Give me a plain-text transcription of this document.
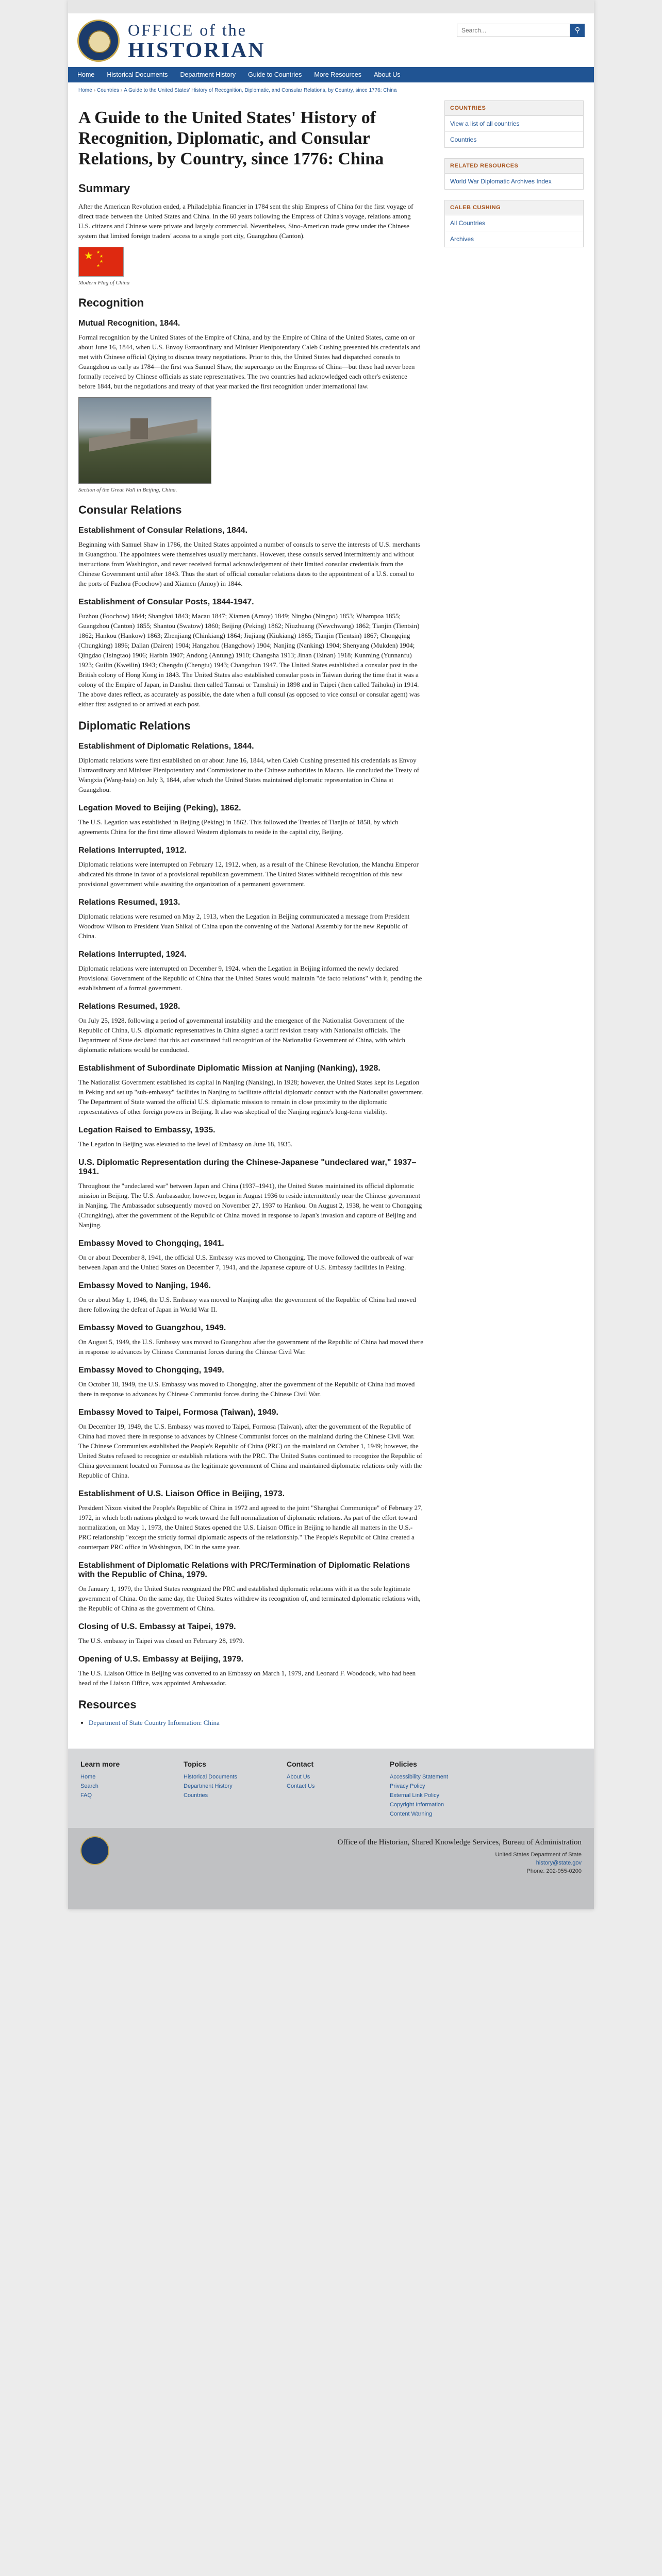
OFFICE of the
HISTORIAN
Search...
⚲
Home	Historical Documents	Department History	Guide to Countries	More Resources	About Us
Home › Countries › A Guide to the United States' History of Recognition, Diplomatic, and Consular Relations, by Country, since 1776: China
A Guide to the United States' History of Recognition, Diplomatic, and Consular Relations, by Country, since 1776: China
Summary

After the American Revolution ended, a Philadelphia financier in 1784 sent the ship Empress of China for the first voyage of direct trade between the United States and China. In the 60 years following the Empress of China's voyage, relations among U.S. citizens and Chinese were private and largely commercial. Nevertheless, Sino-American trade grew under the Chinese system that limited foreign traders' access to a single port city, Guangzhou (Canton).

★ ★
★
★
★
Modern Flag of China
Recognition
Mutual Recognition, 1844.

Formal recognition by the United States of the Empire of China, and by the Empire of China of the United States, came on or about June 16, 1844, when U.S. Envoy Extraordinary and Minister Plenipotentiary Caleb Cushing presented his credentials and met with Chinese official Qiying to discuss treaty negotiations. Prior to this, the United States had dispatched consuls to Guangzhou as early as 1784—the first was Samuel Shaw, the supercargo on the Empress of China—but these had never been formally received by Chinese officials as state representatives. The two countries had acknowledged each other's existence before 1844, but the negotiations and treaty of that year marked the first recognition under international law.

Section of the Great Wall in Beijing, China.
Consular Relations
Establishment of Consular Relations, 1844.

Beginning with Samuel Shaw in 1786, the United States appointed a number of consuls to serve the interests of U.S. merchants in Guangzhou. The appointees were themselves usually merchants. However, these consuls served intermittently and without instructions from Washington, and never received formal acknowledgement of their limited consular credentials from the Chinese Government until after 1843. Thus the start of official consular relations dates to the appointment of a U.S. consul to the ports of Fuzhou (Foochow) and Xiamen (Amoy) in 1844.

Establishment of Consular Posts, 1844-1947.

Fuzhou (Foochow) 1844; Shanghai 1843; Macau 1847; Xiamen (Amoy) 1849; Ningbo (Ningpo) 1853; Whampoa 1855; Guangzhou (Canton) 1855; Shantou (Swatow) 1860; Beijing (Peking) 1862; Niuzhuang (Newchwang) 1862; Tianjin (Tientsin) 1862; Hankou (Hankow) 1863; Zhenjiang (Chinkiang) 1864; Jiujiang (Kiukiang) 1865; Tianjin (Tientsin) 1867; Chongqing (Chungking) 1896; Dalian (Dairen) 1904; Hangzhou (Hangchow) 1904; Nanjing (Nanking) 1904; Shenyang (Mukden) 1904; Qingdao (Tsingtao) 1906; Harbin 1907; Andong (Antung) 1910; Changsha 1913; Jinan (Tsinan) 1918; Kunming (Yunnanfu) 1923; Guilin (Kweilin) 1943; Chengdu (Chengtu) 1943; Changchun 1947. The United States established a consular post in the British colony of Hong Kong in 1843. The United States also established consular posts in Taiwan during the time that it was a colony of the Empire of Japan, in Danshui then called Tamsui or Tamshui) in 1898 and in Taipei (then called Taihoku) in 1914. The above dates reflect, as accurately as possible, the date when a full consul (as opposed to vice consul or consular agent) was either first assigned to or arrived at each post.

Diplomatic Relations
Establishment of Diplomatic Relations, 1844.

Diplomatic relations were first established on or about June 16, 1844, when Caleb Cushing presented his credentials as Envoy Extraordinary and Minister Plenipotentiary and Commissioner to the Chinese authorities in Macao. He concluded the Treaty of Wangxia (Wang-hsia) on July 3, 1844, after which the United States maintained diplomatic representation in China at Guangzhou.

Legation Moved to Beijing (Peking), 1862.

The U.S. Legation was established in Beijing (Peking) in 1862. This followed the Treaties of Tianjin of 1858, by which agreements China for the first time allowed Western diplomats to reside in the capital city, Beijing.

Relations Interrupted, 1912.

Diplomatic relations were interrupted on February 12, 1912, when, as a result of the Chinese Revolution, the Manchu Emperor abdicated his throne in favor of a provisional republican government. The United States withheld recognition of this new provisional government while awaiting the organization of a permanent government.

Relations Resumed, 1913.

Diplomatic relations were resumed on May 2, 1913, when the Legation in Beijing communicated a message from President Woodrow Wilson to President Yuan Shikai of China upon the convening of the National Assembly for the new Republic of China.

Relations Interrupted, 1924.

Diplomatic relations were interrupted on December 9, 1924, when the Legation in Beijing informed the newly declared Provisional Government of the Republic of China that the United States would maintain "de facto relations" with it, pending the establishment of a formal government.

Relations Resumed, 1928.

On July 25, 1928, following a period of governmental instability and the emergence of the Nationalist Government of the Republic of China, U.S. diplomatic representatives in China signed a tariff revision treaty with Nationalist officials. The Department of State declared that this act constituted full recognition of the Nationalist Government of China, with which diplomatic relations would be conducted.

Establishment of Subordinate Diplomatic Mission at Nanjing (Nanking), 1928.

The Nationalist Government established its capital in Nanjing (Nanking), in 1928; however, the United States kept its Legation in Peking and set up "sub-embassy" facilities in Nanjing to facilitate official diplomatic contact with the Nationalist government. The Department of State wanted the official U.S. diplomatic mission to remain in close proximity to the diplomatic representatives of other foreign powers in Beijing. It also was skeptical of the Nanjing regime's long-term viability.

Legation Raised to Embassy, 1935.

The Legation in Beijing was elevated to the level of Embassy on June 18, 1935.

U.S. Diplomatic Representation during the Chinese-Japanese "undeclared war," 1937–1941.

Throughout the "undeclared war" between Japan and China (1937–1941), the United States maintained its official diplomatic mission in Beijing. The U.S. Ambassador, however, began in August 1936 to reside intermittently near the Chinese government in Nanjing. The Ambassador subsequently moved on November 27, 1937 to Hankou. On August 2, 1938, he went to Chongqing (Chungking), after the government of the Republic of China moved in response to Japan's invasion and capture of Beijing and Nanjing.

Embassy Moved to Chongqing, 1941.

On or about December 8, 1941, the official U.S. Embassy was moved to Chongqing. The move followed the outbreak of war between Japan and the United States on December 7, 1941, and the Japanese capture of U.S. Embassy facilities in Peking.

Embassy Moved to Nanjing, 1946.

On or about May 1, 1946, the U.S. Embassy was moved to Nanjing after the government of the Republic of China had moved there following the defeat of Japan in World War II.

Embassy Moved to Guangzhou, 1949.

On August 5, 1949, the U.S. Embassy was moved to Guangzhou after the government of the Republic of China had moved there in response to advances by Chinese Communist forces during the Chinese Civil War.

Embassy Moved to Chongqing, 1949.

On October 18, 1949, the U.S. Embassy was moved to Chongqing, after the government of the Republic of China had moved there in response to advances by Chinese Communist forces during the Chinese Civil War.

Embassy Moved to Taipei, Formosa (Taiwan), 1949.

On December 19, 1949, the U.S. Embassy was moved to Taipei, Formosa (Taiwan), after the government of the Republic of China had moved there in response to advances by Chinese Communist forces on the mainland during the Chinese Civil War. The Chinese Communists established the People's Republic of China (PRC) on the mainland on October 1, 1949; however, the United States refused to recognize or establish relations with the PRC. The United States continued to recognize the Republic of China government located on Formosa as the legitimate government of China and maintained diplomatic relations only with the Republic of China.

Establishment of U.S. Liaison Office in Beijing, 1973.

President Nixon visited the People's Republic of China in 1972 and agreed to the joint "Shanghai Communique" of February 27, 1972, in which both nations pledged to work toward the full normalization of diplomatic relations. As part of the effort toward normalization, on May 1, 1973, the United States opened the U.S. Liaison Office in Beijing to handle all matters in the U.S.-PRC relationship "except the strictly formal diplomatic aspects of the relationship." The People's Republic of China created a counterpart PRC office in Washington, DC in the same year.

Establishment of Diplomatic Relations with PRC/Termination of Diplomatic Relations with the Republic of China, 1979.

On January 1, 1979, the United States recognized the PRC and established diplomatic relations with it as the sole legitimate government of China. On the same day, the United States withdrew its recognition of, and terminated diplomatic relations with, the Republic of China as the government of China.

Closing of U.S. Embassy at Taipei, 1979.

The U.S. embassy in Taipei was closed on February 28, 1979.

Opening of U.S. Embassy at Beijing, 1979.

The U.S. Liaison Office in Beijing was converted to an Embassy on March 1, 1979, and Leonard F. Woodcock, who had been head of the Liaison Office, was appointed Ambassador.

Resources
• Department of State Country Information: China
COUNTRIES
View a list of all countries
Countries
RELATED RESOURCES
World War Diplomatic Archives Index
CALEB CUSHING
All Countries
Archives
Learn more
Home
Search
FAQ
Topics
Historical Documents
Department History
Countries
Contact
About Us
Contact Us
Policies
Accessibility Statement
Privacy Policy
External Link Policy
Copyright Information
Content Warning
Office of the Historian, Shared Knowledge Services, Bureau of Administration
United States Department of State
history@state.gov
Phone: 202-955-0200
